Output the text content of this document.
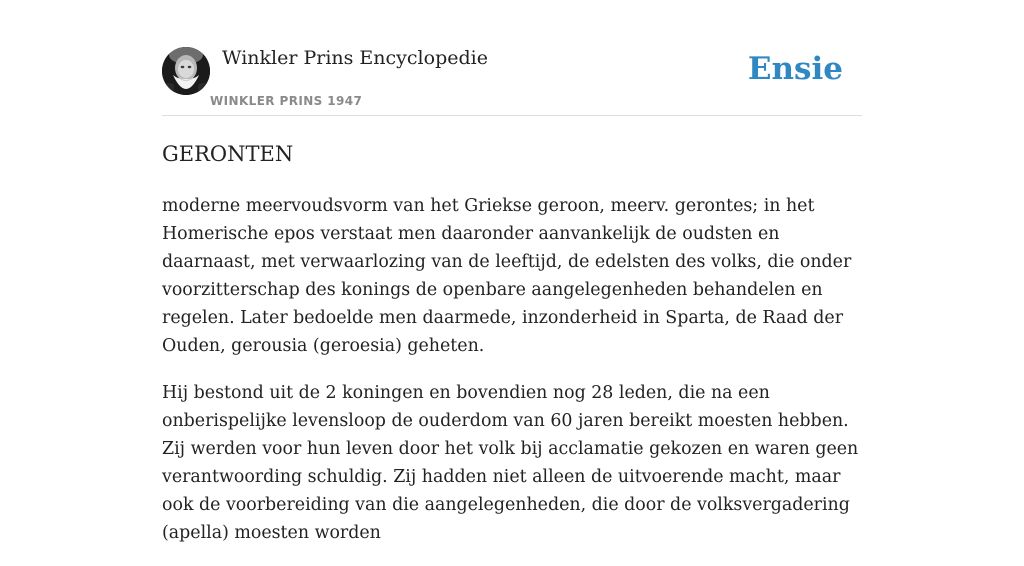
Winkler Prins Encyclopedie
WINKLER PRINS 1947
Ensie
GERONTEN

moderne meervoudsvorm van het Griekse geroon, meerv. gerontes; in het Homerische epos verstaat men daaronder aanvankelijk de oudsten en daarnaast, met verwaarlozing van de leeftijd, de edelsten des volks, die onder voorzitterschap des konings de openbare aangelegenheden behandelen en regelen. Later bedoelde men daarmede, inzonderheid in Sparta, de Raad der Ouden, gerousia (geroesia) geheten.

Hij bestond uit de 2 koningen en bovendien nog 28 leden, die na een onberispelijke levensloop de ouderdom van 60 jaren bereikt moesten hebben. Zij werden voor hun leven door het volk bij acclamatie gekozen en waren geen verantwoording schuldig. Zij hadden niet alleen de uitvoerende macht, maar ook de voorbereiding van die aangelegenheden, die door de volksvergadering (apella) moesten worden
